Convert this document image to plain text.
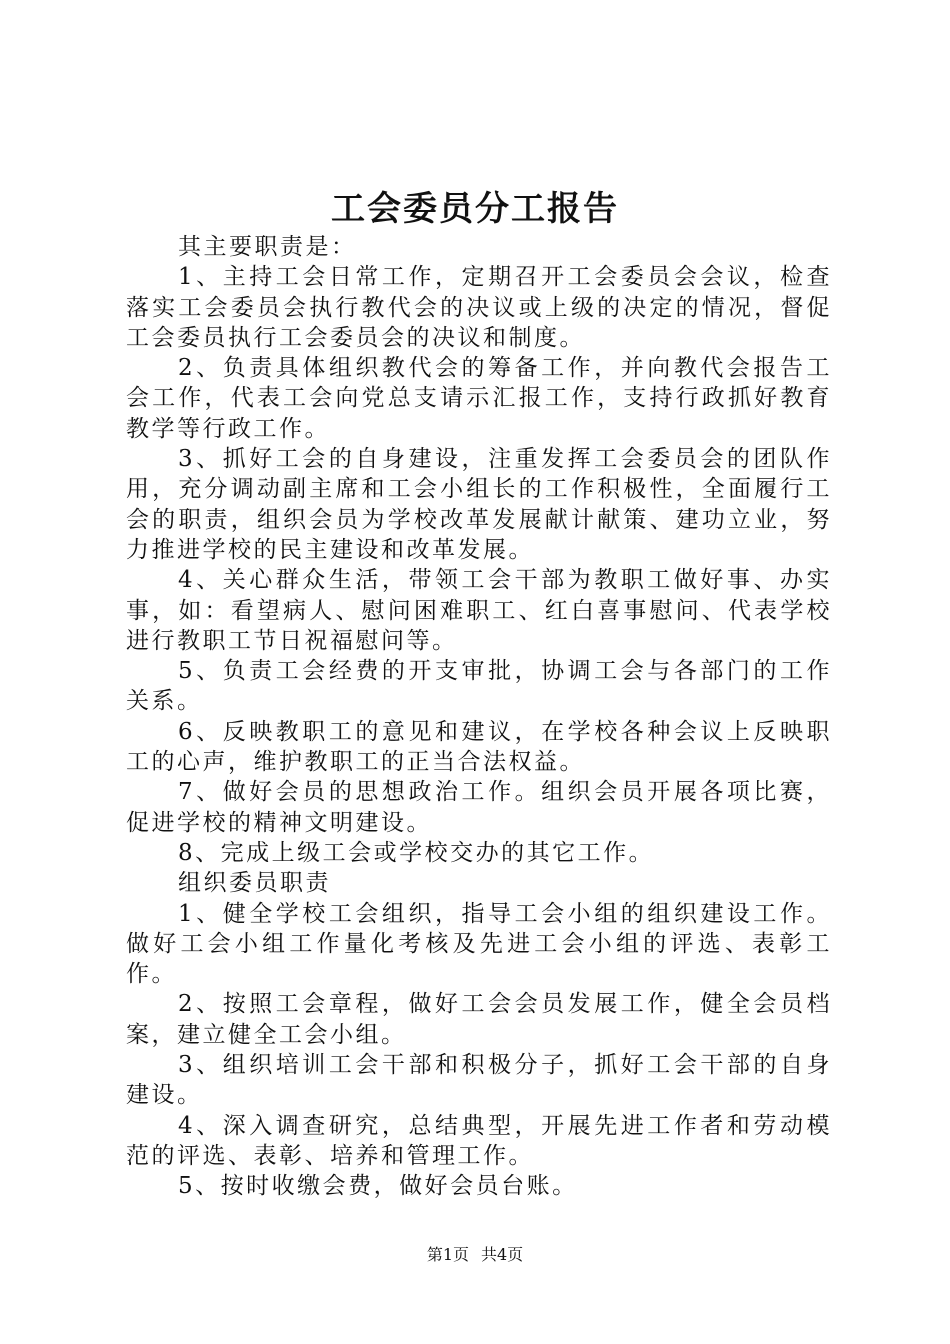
工会委员分工报告

其主要职责是：

1、主持工会日常工作，定期召开工会委员会会议，检查落实工会委员会执行教代会的决议或上级的决定的情况，督促工会委员执行工会委员会的决议和制度。

2、负责具体组织教代会的筹备工作，并向教代会报告工会工作，代表工会向党总支请示汇报工作，支持行政抓好教育教学等行政工作。

3、抓好工会的自身建设，注重发挥工会委员会的团队作用，充分调动副主席和工会小组长的工作积极性，全面履行工会的职责，组织会员为学校改革发展献计献策、建功立业，努力推进学校的民主建设和改革发展。

4、关心群众生活，带领工会干部为教职工做好事、办实事，如：看望病人、慰问困难职工、红白喜事慰问、代表学校进行教职工节日祝福慰问等。

5、负责工会经费的开支审批，协调工会与各部门的工作关系。

6、反映教职工的意见和建议，在学校各种会议上反映职工的心声，维护教职工的正当合法权益。

7、做好会员的思想政治工作。组织会员开展各项比赛，促进学校的精神文明建设。

8、完成上级工会或学校交办的其它工作。

组织委员职责

1、健全学校工会组织，指导工会小组的组织建设工作。做好工会小组工作量化考核及先进工会小组的评选、表彰工作。

2、按照工会章程，做好工会会员发展工作，健全会员档案，建立健全工会小组。

3、组织培训工会干部和积极分子，抓好工会干部的自身建设。

4、深入调查研究，总结典型，开展先进工作者和劳动模范的评选、表彰、培养和管理工作。

5、按时收缴会费，做好会员台账。

第1页 共4页
